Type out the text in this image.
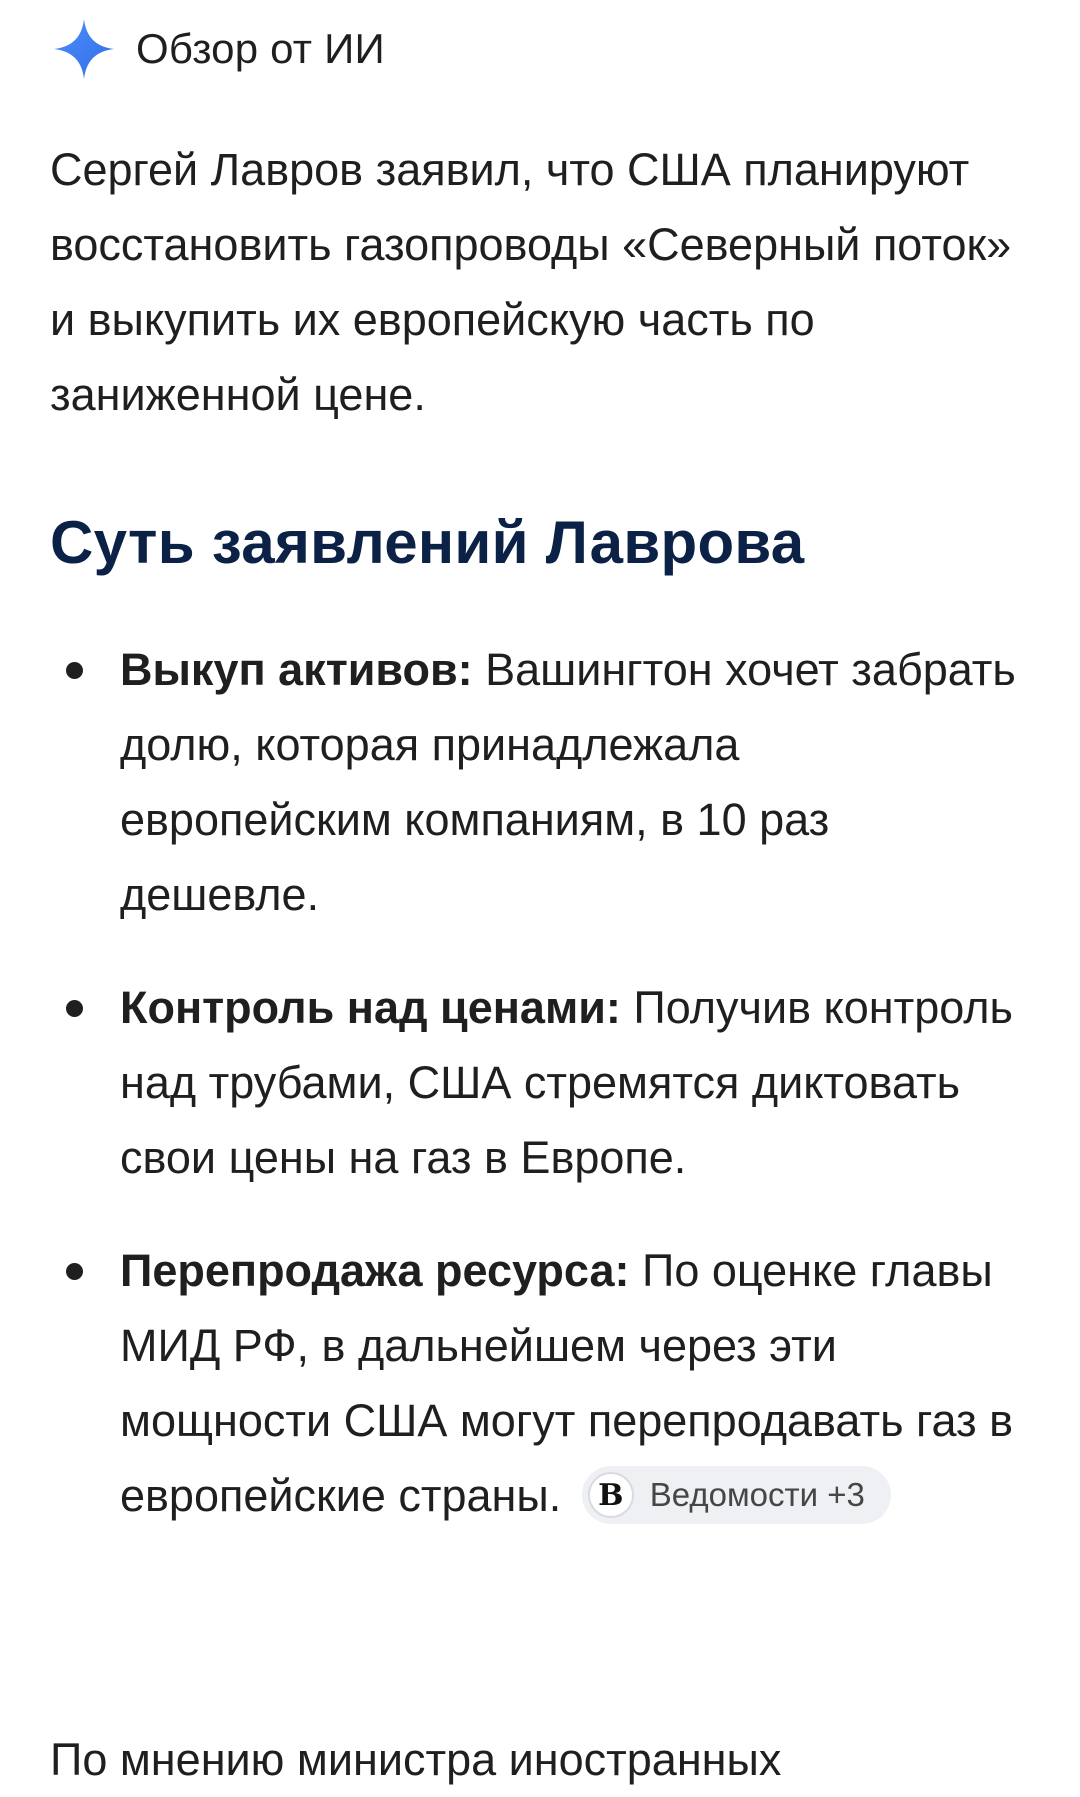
Обзор от ИИ
Сергей Лавров заявил, что США планируют восстановить газопроводы «Северный поток» и выкупить их европейскую часть по заниженной цене.
Суть заявлений Лаврова
Выкуп активов: Вашингтон хочет забрать долю, которая принадлежала европейским компаниям, в 10 раз дешевле.
Контроль над ценами: Получив контроль над трубами, США стремятся диктовать свои цены на газ в Европе.
Перепродажа ресурса: По оценке главы МИД РФ, в дальнейшем через эти мощности США могут перепродавать газ в европейские страны.	В Ведомости +3
По мнению министра иностранных
